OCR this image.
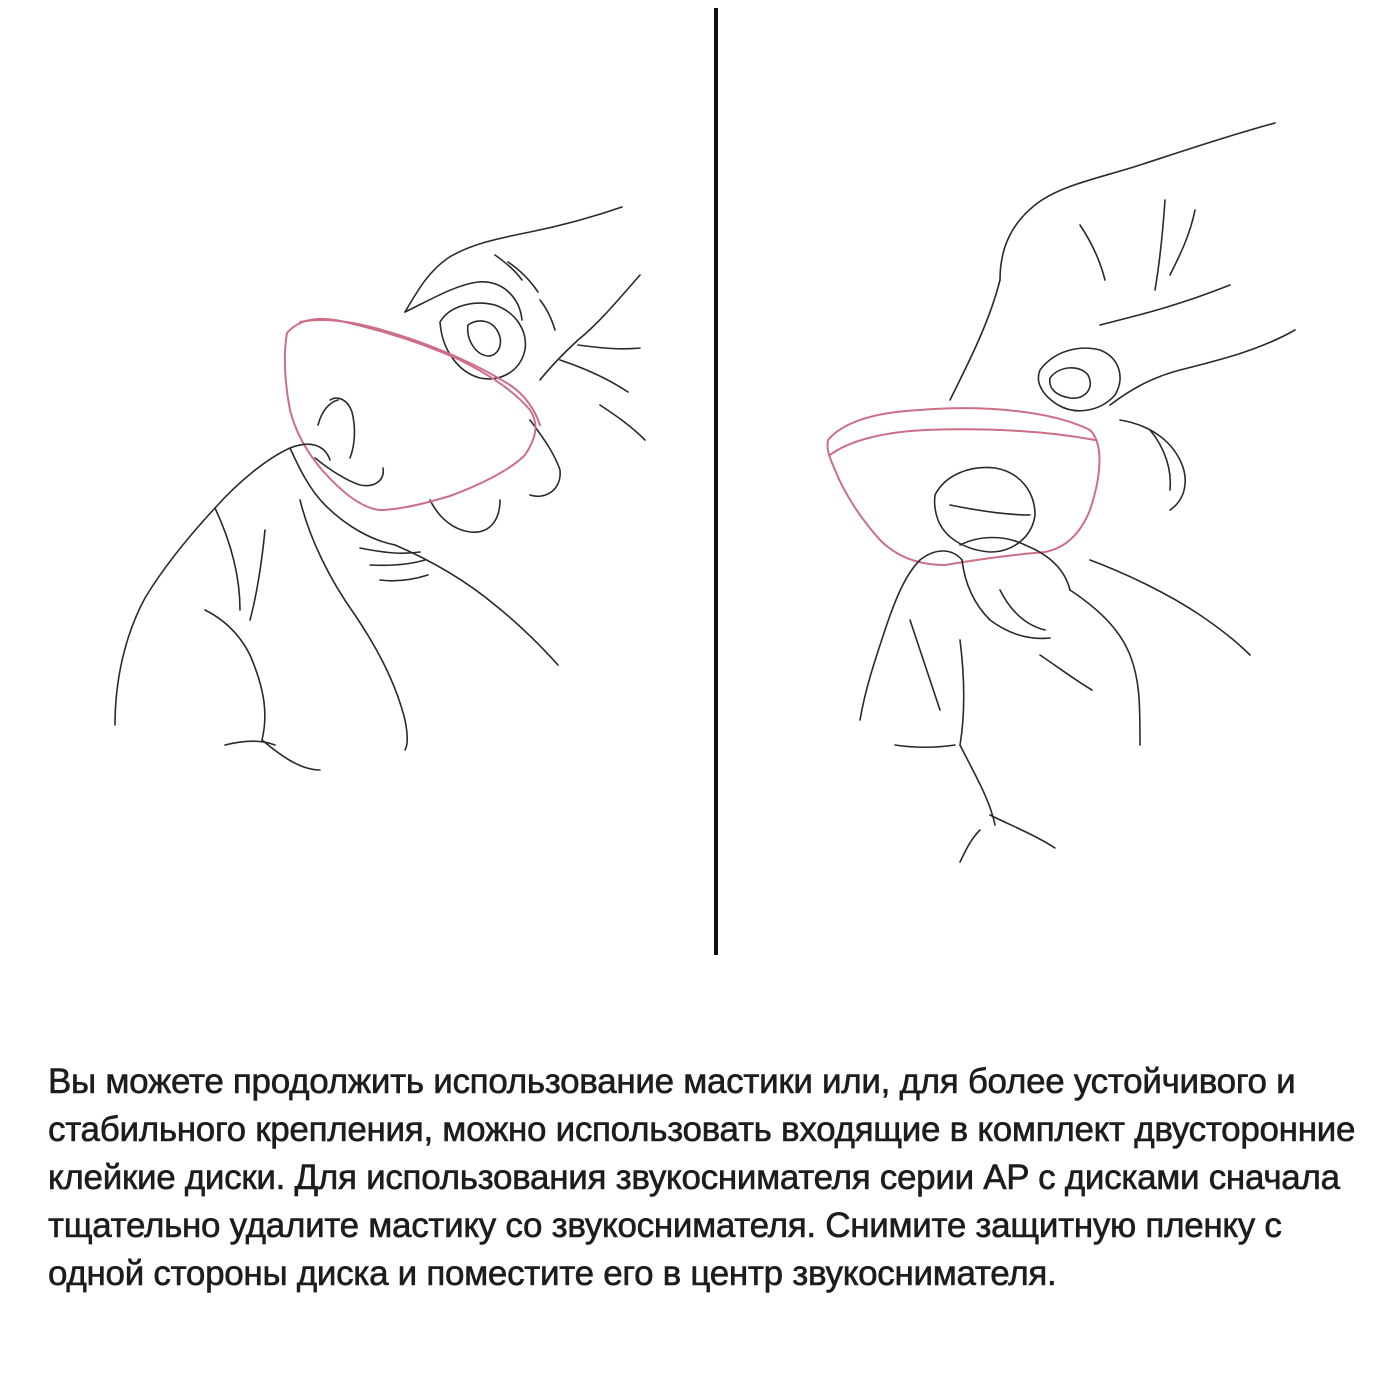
Вы можете продолжить использование мастики или, для более устойчивого и стабильного крепления, можно использовать входящие в комплект двусторонние клейкие диски. Для использования звукоснимателя серии AP с дисками сначала тщательно удалите мастику со звукоснимателя. Снимите защитную пленку с одной стороны диска и поместите его в центр звукоснимателя.
